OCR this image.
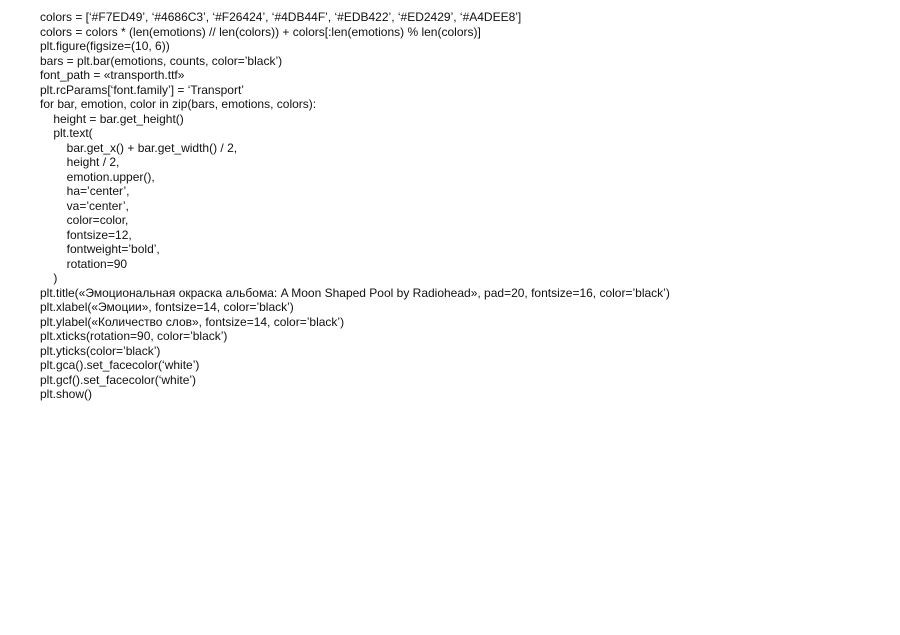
colors = [‘#F7ED49’, ‘#4686C3’, ‘#F26424’, ‘#4DB44F’, ‘#EDB422’, ‘#ED2429’, ‘#A4DEE8’]
colors = colors * (len(emotions) // len(colors)) + colors[:len(emotions) % len(colors)]
plt.figure(figsize=(10, 6))
bars = plt.bar(emotions, counts, color=’black’)
font_path = «transporth.ttf»
plt.rcParams[‘font.family’] = ‘Transport’
for bar, emotion, color in zip(bars, emotions, colors):
height = bar.get_height()
plt.text(
bar.get_x() + bar.get_width() / 2,
height / 2,
emotion.upper(),
ha=’center’,
va=’center’,
color=color,
fontsize=12,
fontweight=’bold’,
rotation=90
)
plt.title(«Эмоциональная окраска альбома: A Moon Shaped Pool by Radiohead», pad=20, fontsize=16, color=’black’)
plt.xlabel(«Эмоции», fontsize=14, color=’black’)
plt.ylabel(«Количество слов», fontsize=14, color=’black’)
plt.xticks(rotation=90, color=’black’)
plt.yticks(color=’black’)
plt.gca().set_facecolor(‘white’)
plt.gcf().set_facecolor(‘white’)
plt.show()
